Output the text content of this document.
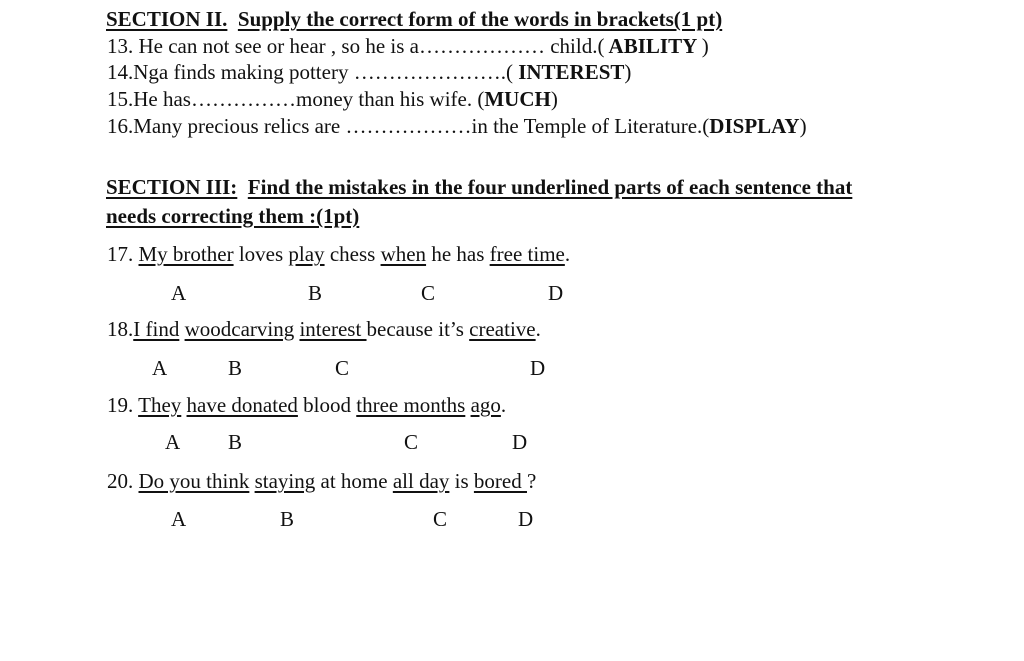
SECTION II. Supply the correct form of the words in brackets(1 pt)
13. He can not see or hear , so he is a……………… child.( ABILITY )
14.Nga finds making pottery ………………….( INTEREST)
15.He has……………money than his wife. (MUCH)
16.Many precious relics are ………………in the Temple of Literature.(DISPLAY)
SECTION III: Find the mistakes in the four underlined parts of each sentence that
needs correcting them :(1pt)
17. My brother loves play chess when he has free time.
A	B	C	D
18.I find woodcarving interest because it’s creative.
A	B	C	D
19. They have donated blood three months ago.
A B	C	D
20. Do you think staying at home all day is bored ?
A	B	C	D
